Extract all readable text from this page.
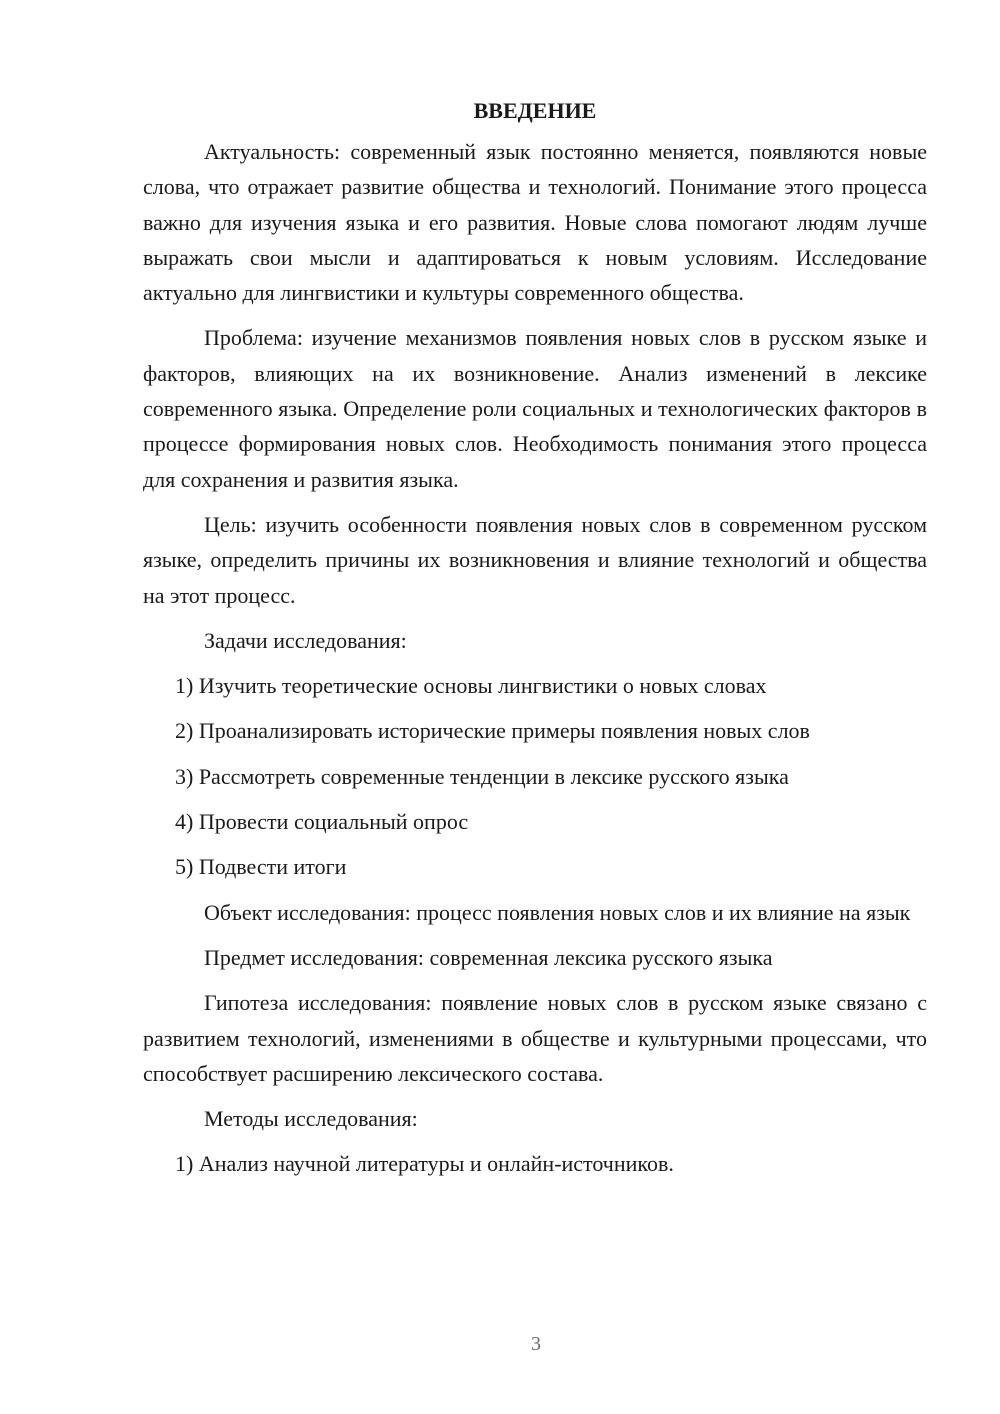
ВВЕДЕНИЕ

Актуальность: современный язык постоянно меняется, появляются новые слова, что отражает развитие общества и технологий. Понимание этого процесса важно для изучения языка и его развития. Новые слова помогают людям лучше выражать свои мысли и адаптироваться к новым условиям. Исследование актуально для лингвистики и культуры современного общества.

Проблема: изучение механизмов появления новых слов в русском языке и факторов, влияющих на их возникновение. Анализ изменений в лексике современного языка. Определение роли социальных и технологических факторов в процессе формирования новых слов. Необходимость понимания этого процесса для сохранения и развития языка.

Цель: изучить особенности появления новых слов в современном русском языке, определить причины их возникновения и влияние технологий и общества на этот процесс.

Задачи исследования:

1) Изучить теоретические основы лингвистики о новых словах

2) Проанализировать исторические примеры появления новых слов

3) Рассмотреть современные тенденции в лексике русского языка

4) Провести социальный опрос

5) Подвести итоги

Объект исследования: процесс появления новых слов и их влияние на язык

Предмет исследования: современная лексика русского языка

Гипотеза исследования: появление новых слов в русском языке связано с развитием технологий, изменениями в обществе и культурными процессами, что способствует расширению лексического состава.

Методы исследования:

1) Анализ научной литературы и онлайн-источников.

3
